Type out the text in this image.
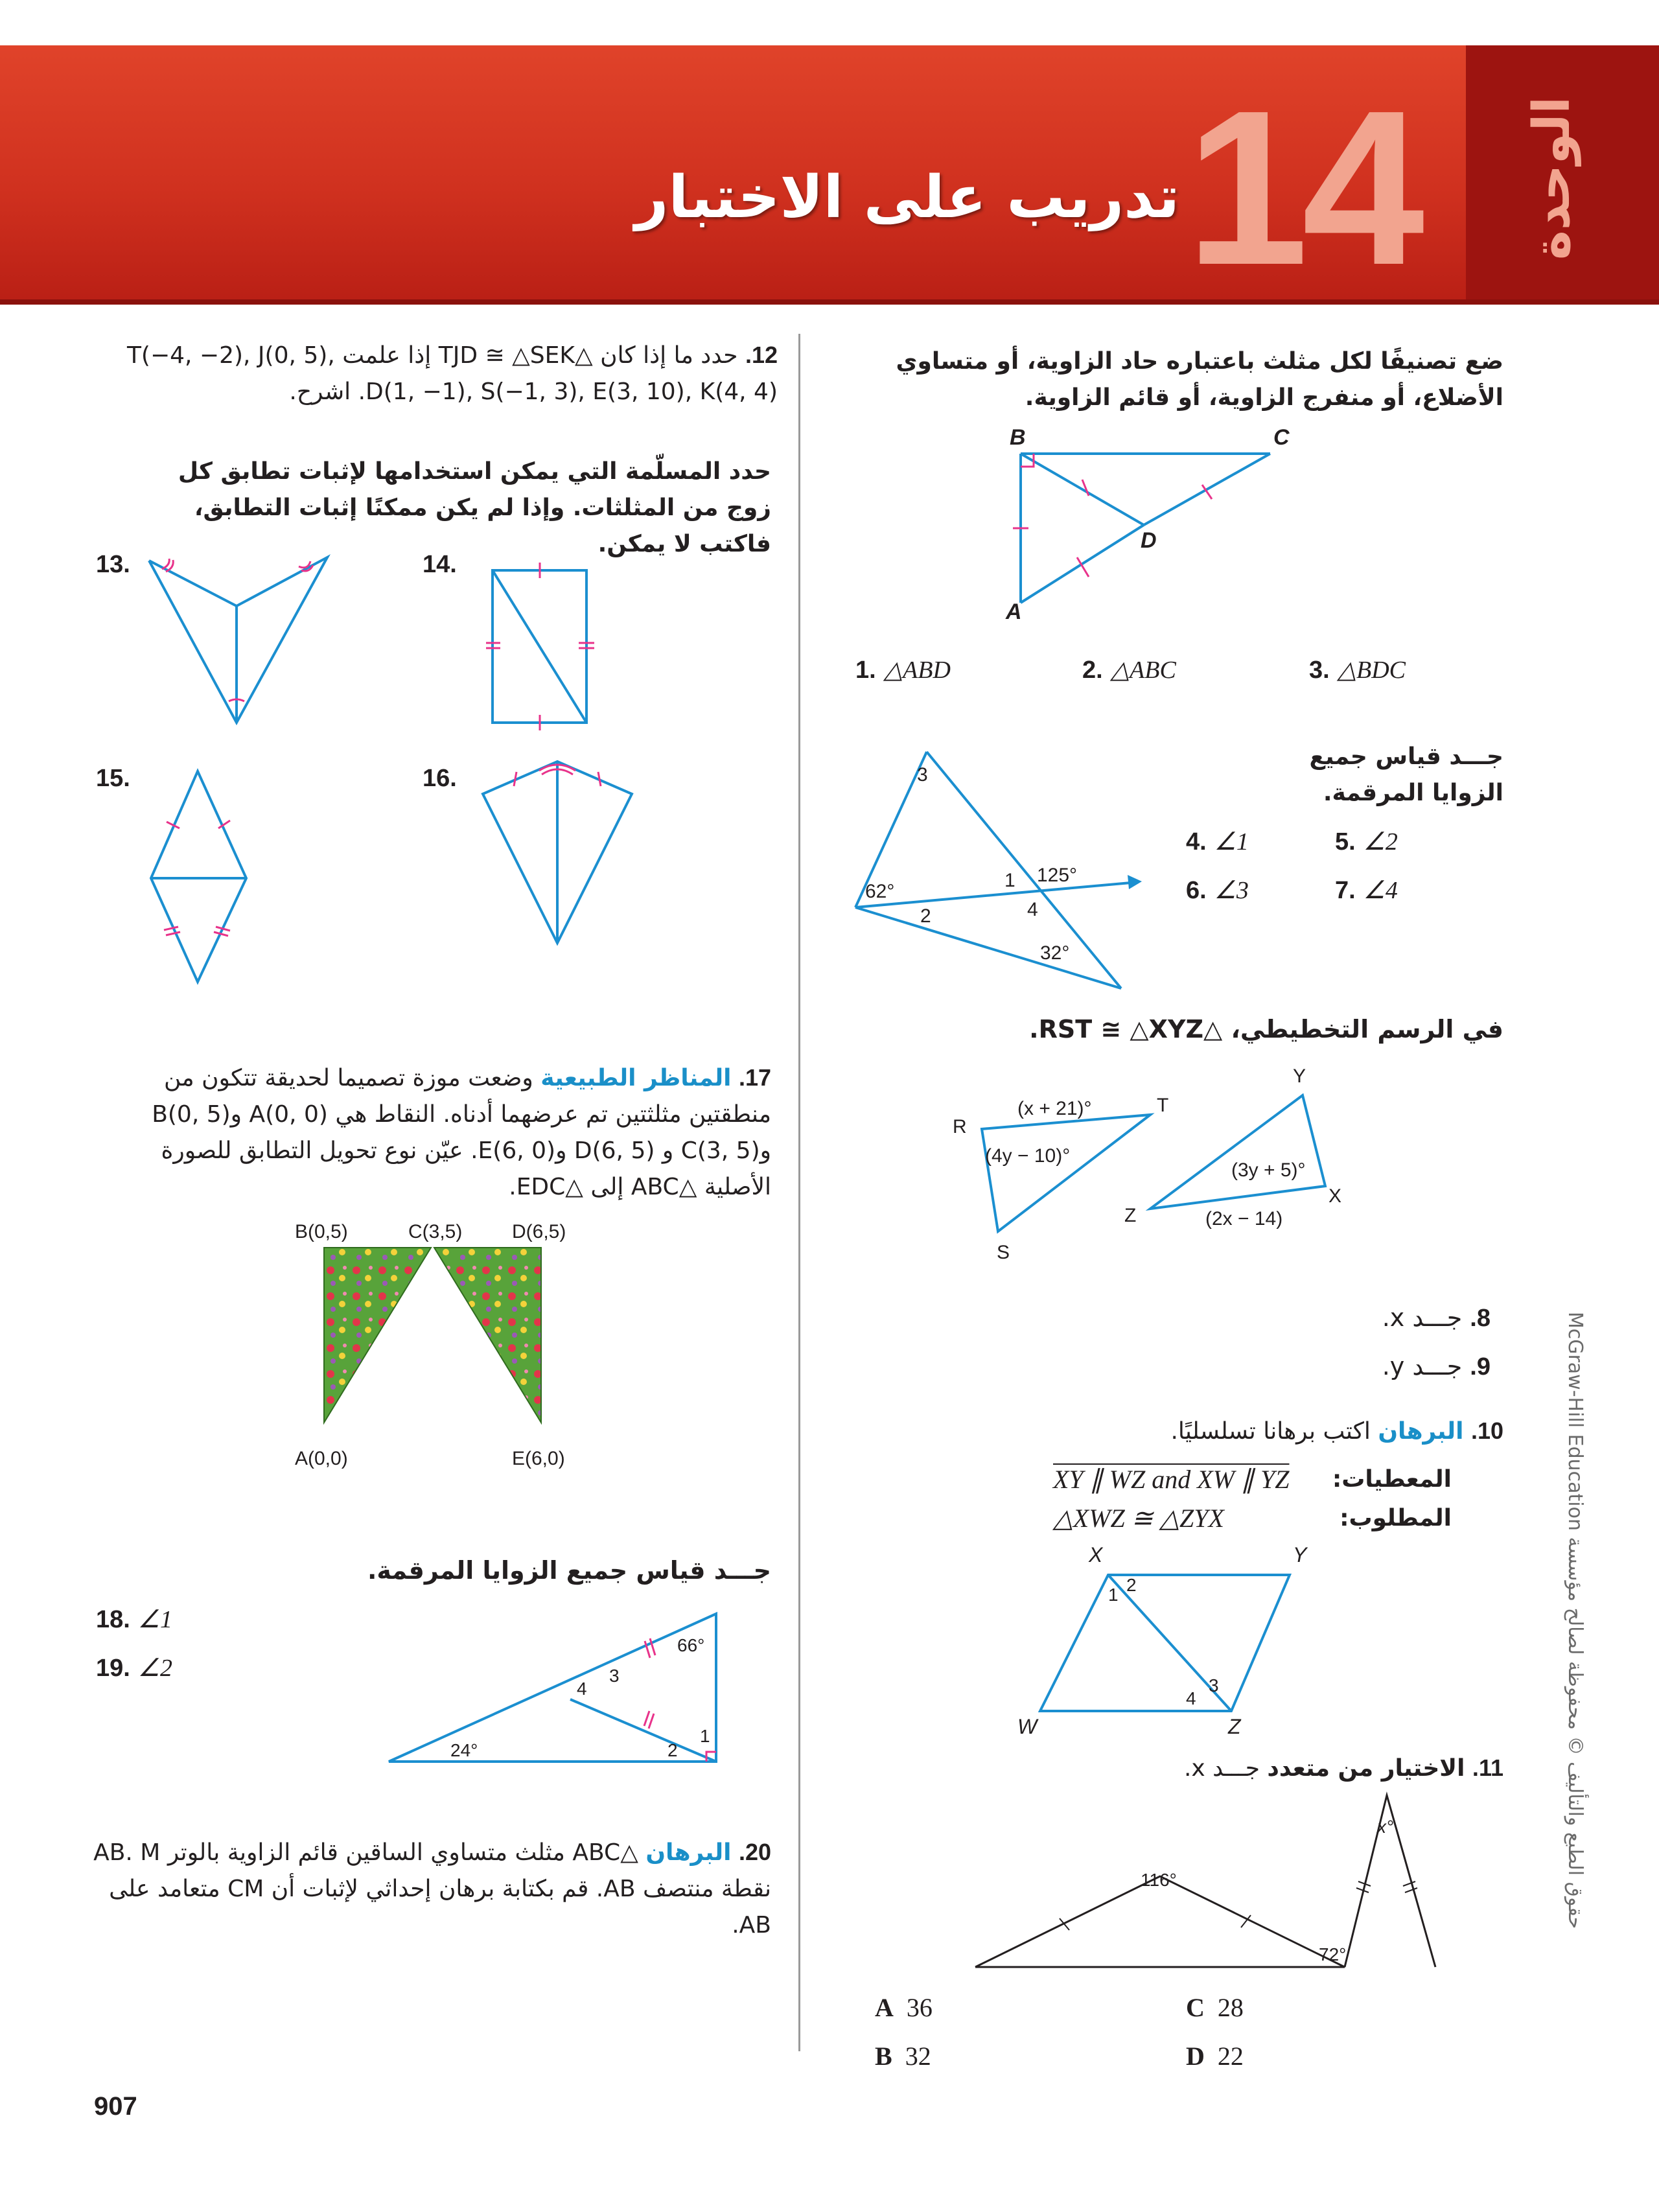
14	الوحدة
تدريب على الاختبار
حقوق الطبع والتأليف © محفوظة لصالح مؤسسة McGraw-Hill Education
ضع تصنيفًا لكل مثلث باعتباره حاد الزاوية، أو متساوي الأضلاع، أو منفرج الزاوية، أو قائم الزاوية.
B	C
D
A
1. △ABD	2. △ABC	3. △BDC
جـــد قياس جميع الزوايا المرقمة.
3
62°
1 125°
2	4
32°
4. ∠1	5. ∠2
6. ∠3	7. ∠4
في الرسم التخطيطي، △RST ≅ △XYZ.
R
T
S
(x + 21)°
(4y − 10)°
Y
Z
X
(3y + 5)°
(2x − 14)
8. جـــد x.
9. جـــد y.
10. البرهان اكتب برهانا تسلسليًا.
المعطيات:
XY ∥ WZ and XW ∥ YZ
المطلوب:
△XWZ ≅ △ZYX
X	Y
W	Z
1 2
3
4
11. الاختيار من متعدد جـــد x.
116°
72°
x°
A 36	C 28
B 32	D 22
12. حدد ما إذا كان △TJD ≅ △SEK إذا علمت T(−4, −2), J(0, 5), D(1, −1), S(−1, 3), E(3, 10), K(4, 4). اشرح.
حدد المسلّمة التي يمكن استخدامها لإثبات تطابق كل زوج من المثلثات. وإذا لم يكن ممكنًا إثبات التطابق، فاكتب لا يمكن.
13.	14.
15.	16.
17. المناظر الطبيعية وضعت موزة تصميما لحديقة تتكون من منطقتين مثلثتين تم عرضهما أدناه. النقاط هي A(0, 0) وB(0, 5) وC(3, 5) و D(6, 5) وE(6, 0). عيّن نوع تحويل التطابق للصورة الأصلية △ABC إلى △EDC.
B(0,5)	C(3,5)	D(6,5)
A(0,0)	E(6,0)
جـــد قياس جميع الزوايا المرقمة.
18. ∠1
19. ∠2
66°
3
4
24°	2
1
20. البرهان △ABC مثلث متساوي الساقين قائم الزاوية بالوتر AB. M نقطة منتصف AB. قم بكتابة برهان إحداثي لإثبات أن CM متعامد على AB.
907
